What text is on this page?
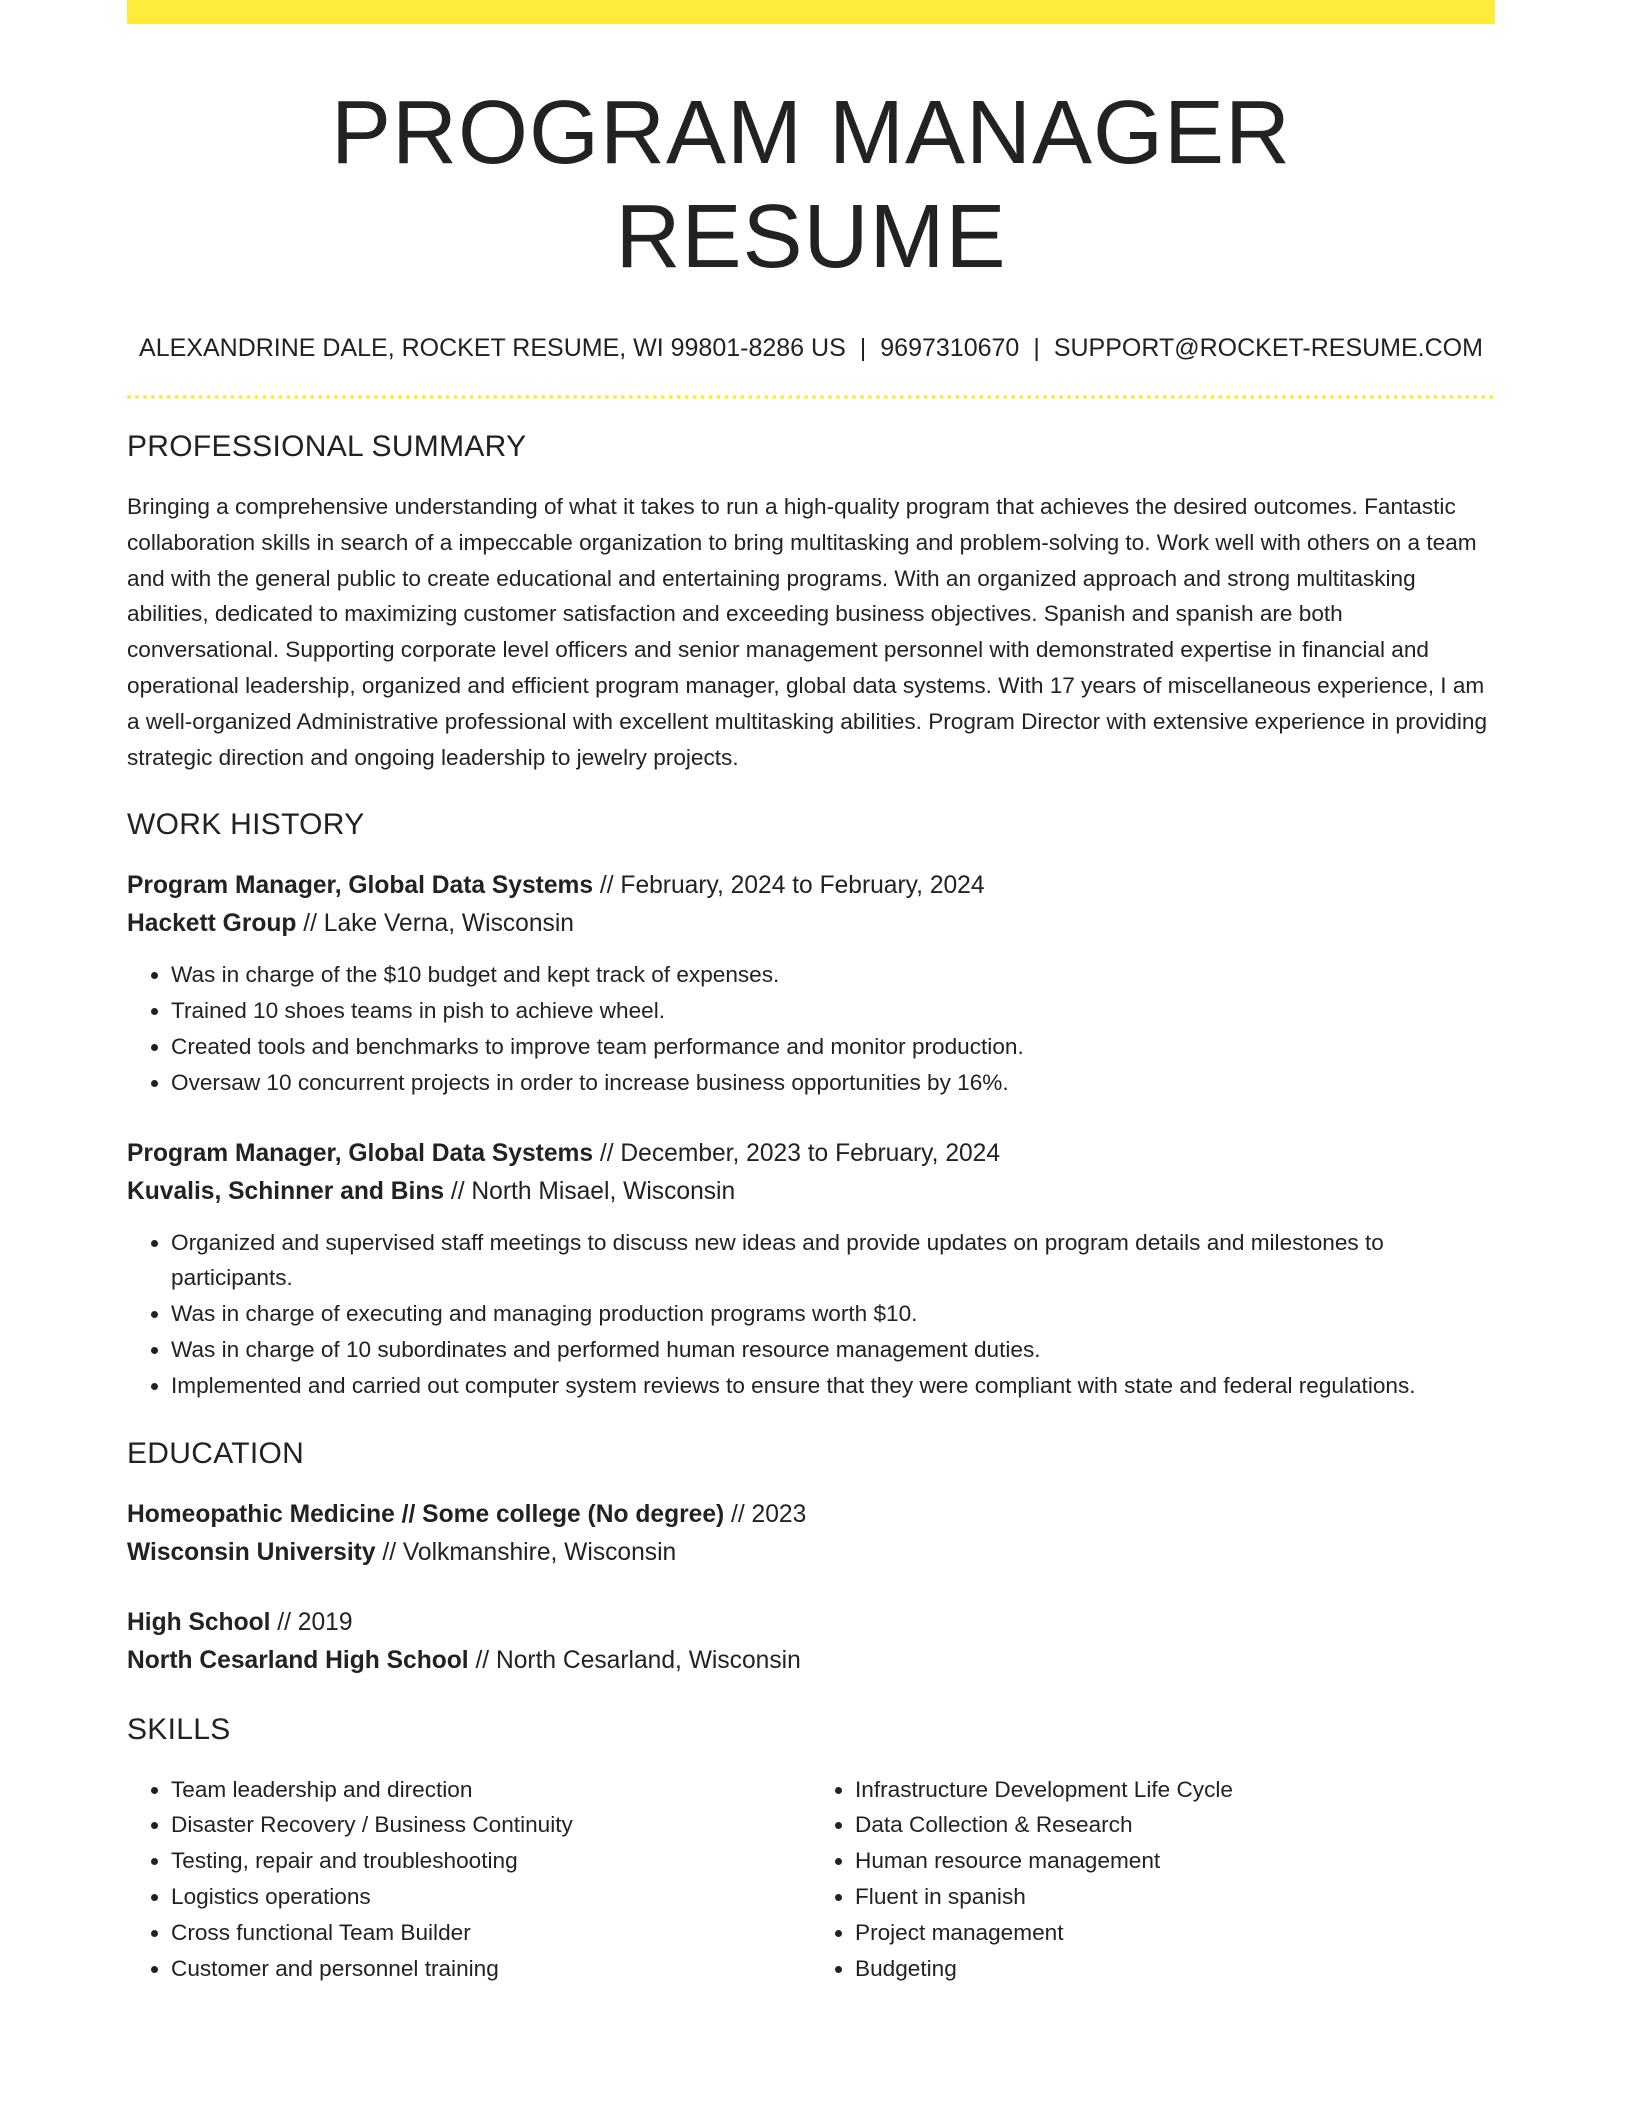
PROGRAM MANAGER RESUME
ALEXANDRINE DALE, ROCKET RESUME, WI 99801-8286 US | 9697310670 | SUPPORT@ROCKET-RESUME.COM
PROFESSIONAL SUMMARY

Bringing a comprehensive understanding of what it takes to run a high-quality program that achieves the desired outcomes. Fantastic collaboration skills in search of a impeccable organization to bring multitasking and problem-solving to. Work well with others on a team and with the general public to create educational and entertaining programs. With an organized approach and strong multitasking abilities, dedicated to maximizing customer satisfaction and exceeding business objectives. Spanish and spanish are both conversational. Supporting corporate level officers and senior management personnel with demonstrated expertise in financial and operational leadership, organized and efficient program manager, global data systems. With 17 years of miscellaneous experience, I am a well-organized Administrative professional with excellent multitasking abilities. Program Director with extensive experience in providing strategic direction and ongoing leadership to jewelry projects.

WORK HISTORY
Program Manager, Global Data Systems // February, 2024 to February, 2024
Hackett Group // Lake Verna, Wisconsin
• Was in charge of the $10 budget and kept track of expenses.
• Trained 10 shoes teams in pish to achieve wheel.
• Created tools and benchmarks to improve team performance and monitor production.
• Oversaw 10 concurrent projects in order to increase business opportunities by 16%.
Program Manager, Global Data Systems // December, 2023 to February, 2024
Kuvalis, Schinner and Bins // North Misael, Wisconsin
• Organized and supervised staff meetings to discuss new ideas and provide updates on program details and milestones to participants.
• Was in charge of executing and managing production programs worth $10.
• Was in charge of 10 subordinates and performed human resource management duties.
• Implemented and carried out computer system reviews to ensure that they were compliant with state and federal regulations.
EDUCATION
Homeopathic Medicine // Some college (No degree) // 2023
Wisconsin University // Volkmanshire, Wisconsin
High School // 2019
North Cesarland High School // North Cesarland, Wisconsin
SKILLS
• Team leadership and direction
• Disaster Recovery / Business Continuity
• Testing, repair and troubleshooting
• Logistics operations
• Cross functional Team Builder
• Customer and personnel training
• Infrastructure Development Life Cycle
• Data Collection & Research
• Human resource management
• Fluent in spanish
• Project management
• Budgeting
